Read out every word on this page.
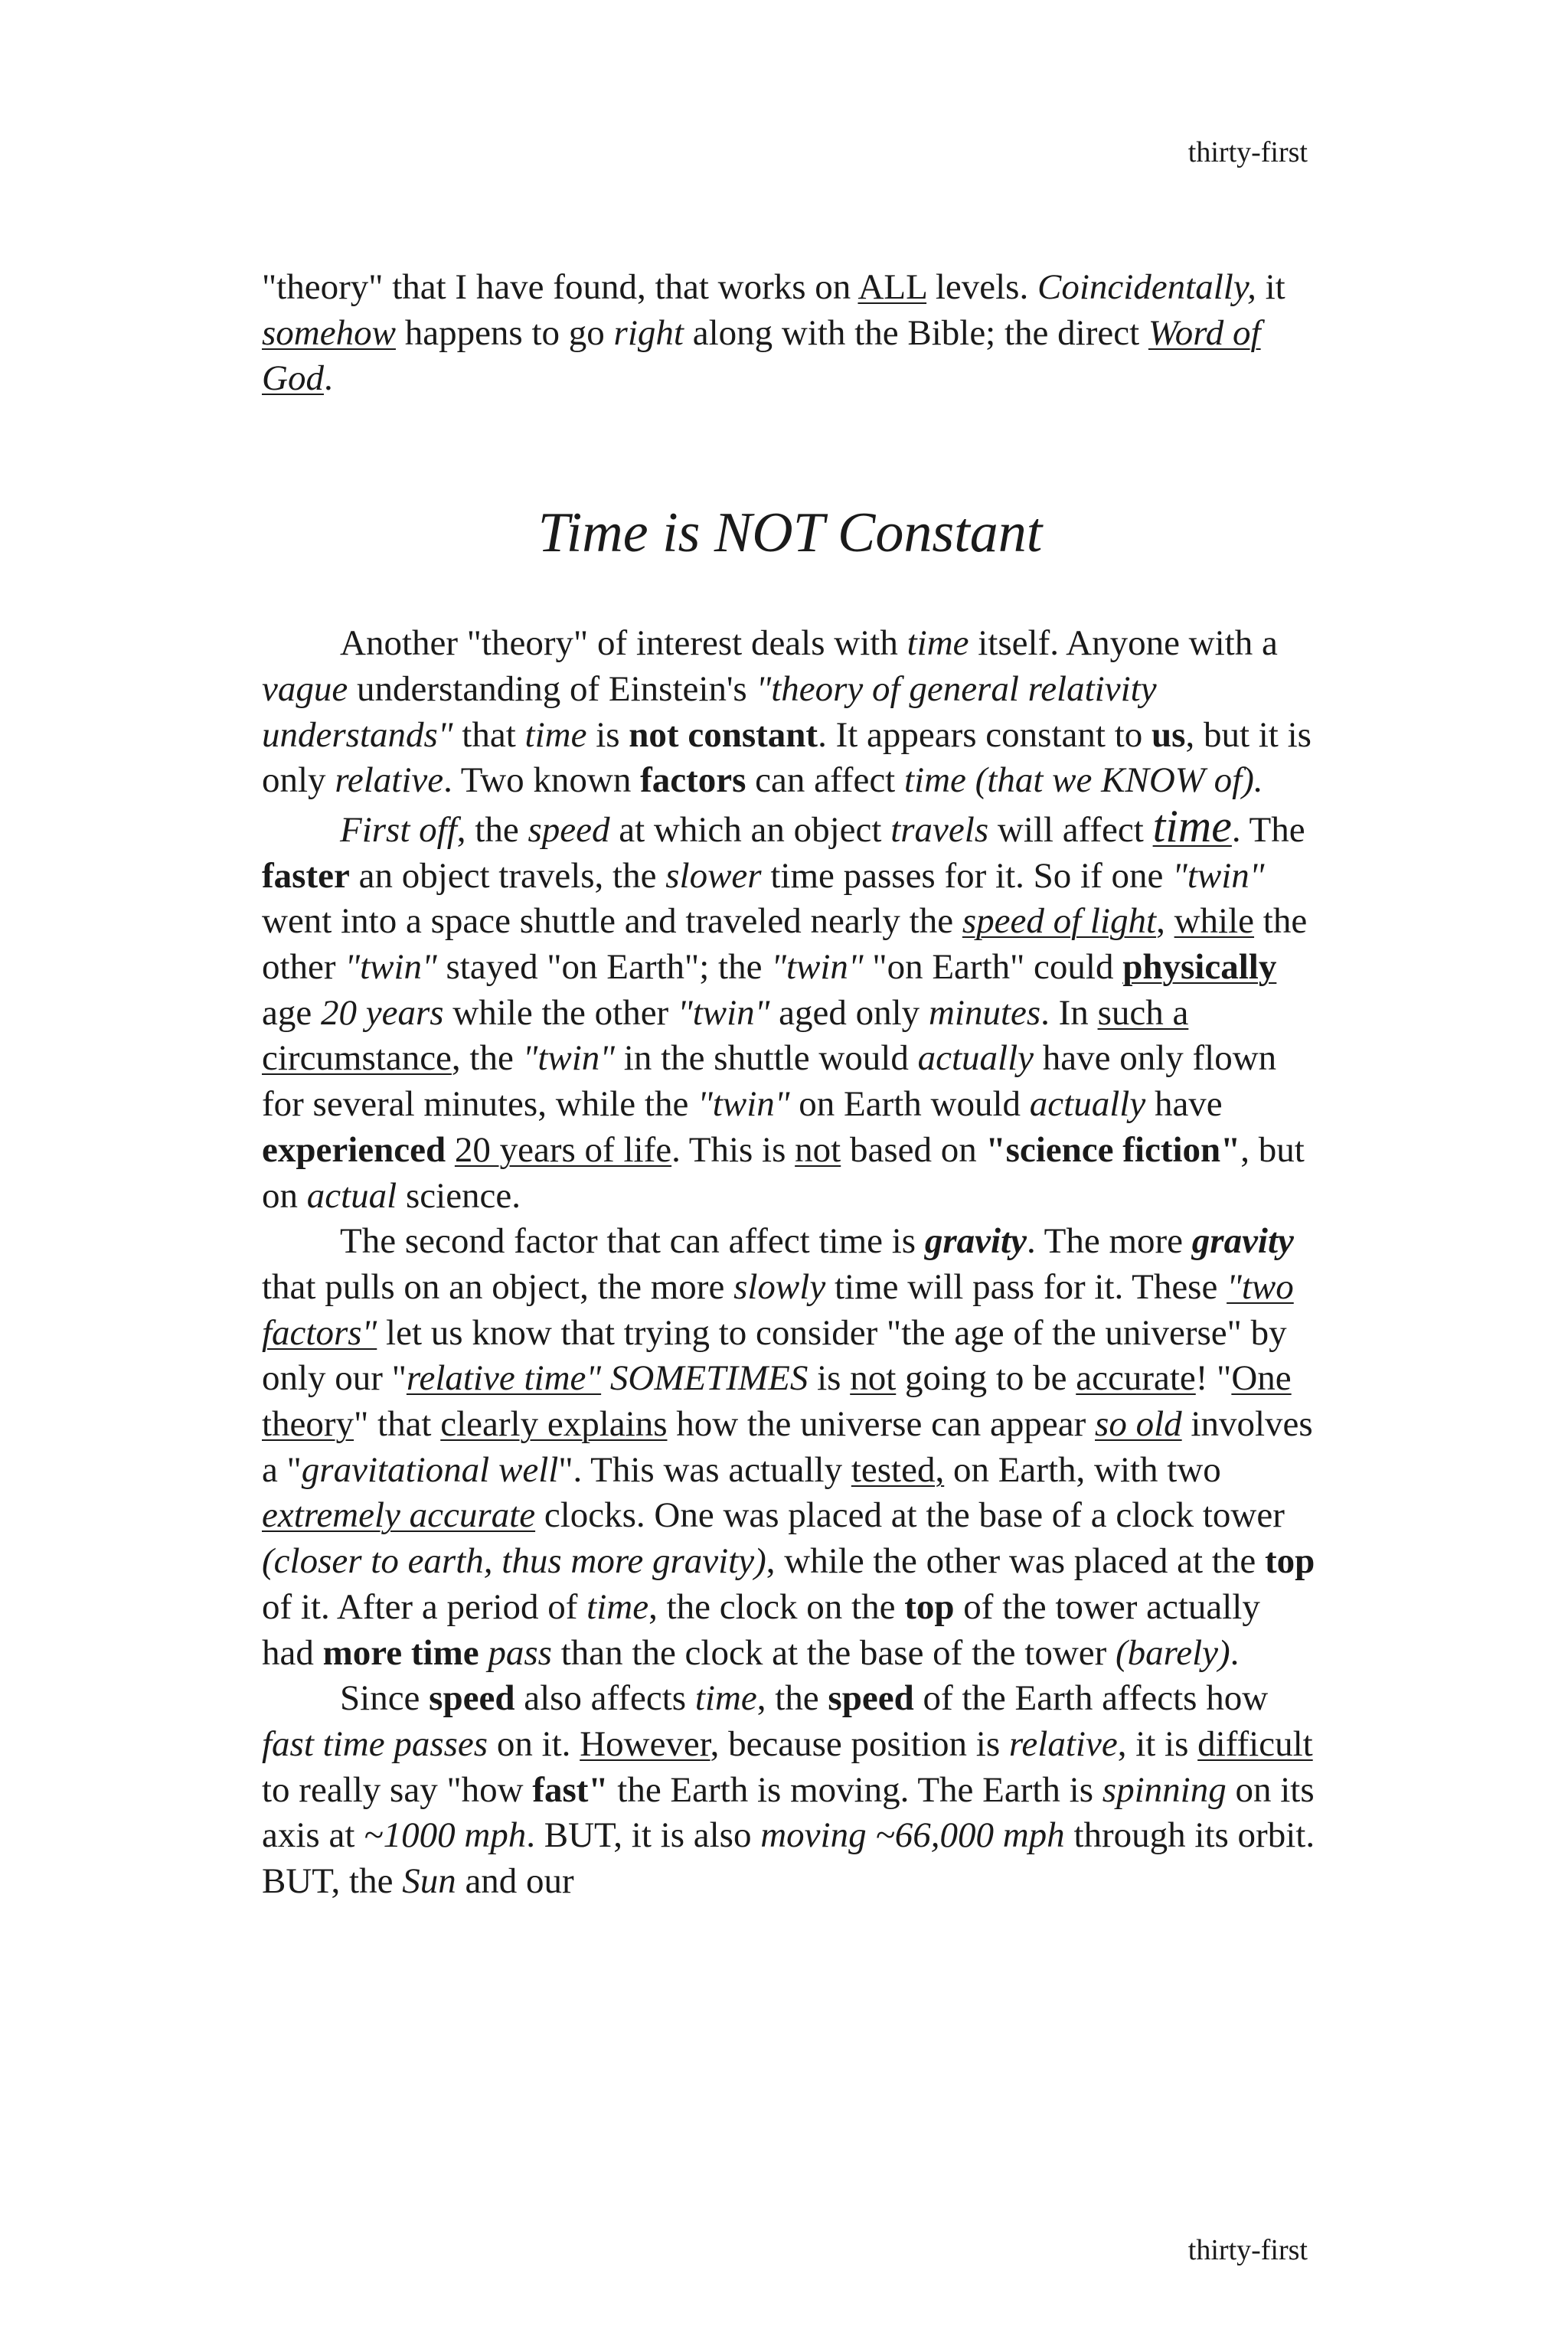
thirty-first

"theory" that I have found, that works on ALL levels. Coincidentally, it somehow happens to go right along with the Bible; the direct Word of God.

Time is NOT Constant

Another "theory" of interest deals with time itself. Anyone with a vague understanding of Einstein's "theory of general relativity understands" that time is not constant. It appears constant to us, but it is only relative. Two known factors can affect time (that we KNOW of).

First off, the speed at which an object travels will affect time. The faster an object travels, the slower time passes for it. So if one "twin" went into a space shuttle and traveled nearly the speed of light, while the other "twin" stayed "on Earth"; the "twin" "on Earth" could physically age 20 years while the other "twin" aged only minutes. In such a circumstance, the "twin" in the shuttle would actually have only flown for several minutes, while the "twin" on Earth would actually have experienced 20 years of life. This is not based on "science fiction", but on actual science.

The second factor that can affect time is gravity. The more gravity that pulls on an object, the more slowly time will pass for it. These "two factors" let us know that trying to consider "the age of the universe" by only our "relative time" SOMETIMES is not going to be accurate! "One theory" that clearly explains how the universe can appear so old involves a "gravitational well". This was actually tested, on Earth, with two extremely accurate clocks. One was placed at the base of a clock tower (closer to earth, thus more gravity), while the other was placed at the top of it. After a period of time, the clock on the top of the tower actually had more time pass than the clock at the base of the tower (barely).

Since speed also affects time, the speed of the Earth affects how fast time passes on it. However, because position is relative, it is difficult to really say "how fast" the Earth is moving. The Earth is spinning on its axis at ~1000 mph. BUT, it is also moving ~66,000 mph through its orbit. BUT, the Sun and our

thirty-first
